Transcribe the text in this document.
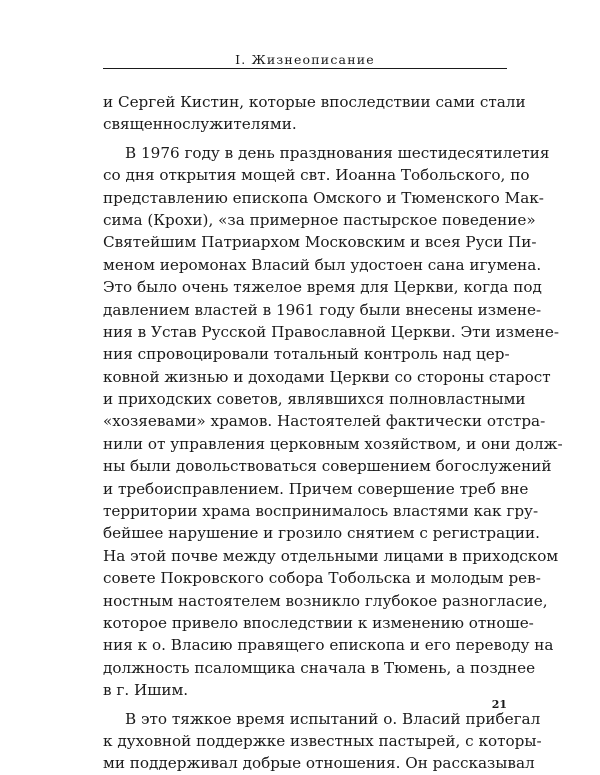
I. Жизнеописание
и Сергей Кистин, которые впоследствии сами стали
священнослужителями.
В 1976 году в день празднования шестидесятилетия
со дня открытия мощей свт. Иоанна Тобольского, по
представлению епископа Омского и Тюменского Мак-
сима (Крохи), «за примерное пастырское поведение»
Святейшим Патриархом Московским и всея Руси Пи-
меном иеромонах Власий был удостоен сана игумена.
Это было очень тяжелое время для Церкви, когда под
давлением властей в 1961 году были внесены измене-
ния в Устав Русской Православной Церкви. Эти измене-
ния спровоцировали тотальный контроль над цер-
ковной жизнью и доходами Церкви со стороны старост
и приходских советов, являвшихся полновластными
«хозяевами» храмов. Настоятелей фактически отстра-
нили от управления церковным хозяйством, и они долж-
ны были довольствоваться совершением богослужений
и требоисправлением. Причем совершение треб вне
территории храма воспринималось властями как гру-
бейшее нарушение и грозило снятием с регистрации.
На этой почве между отдельными лицами в приходском
совете Покровского собора Тобольска и молодым рев-
ностным настоятелем возникло глубокое разногласие,
которое привело впоследствии к изменению отноше-
ния к о. Власию правящего епископа и его переводу на
должность псаломщика сначала в Тюмень, а позднее
в г. Ишим.
В это тяжкое время испытаний о. Власий прибегал
к духовной поддержке известных пастырей, с которы-
ми поддерживал добрые отношения. Он рассказывал
21
